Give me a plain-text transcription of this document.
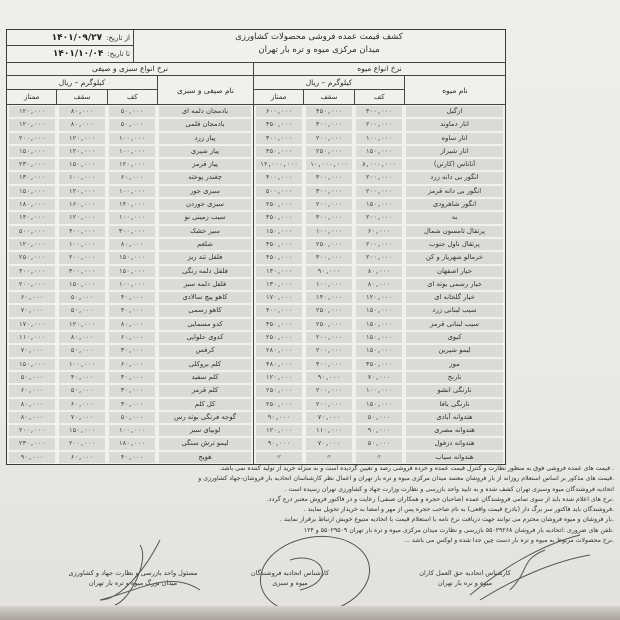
از تاریخ:
۱۴۰۱/۰۹/۲۷
تا تاریخ:
۱۴۰۱/۱۰/۰۴
کشف قیمت عمده فروشی محصولات کشاورزی
میدان مرکزی میوه و تره بار تهران
نرخ انواع سبزی و صیفی
کیلوگرم – ریال
ممتاز	سقف	کف
نام صیفی و سبزی
۱۲۰,۰۰۰	۸۰,۰۰۰	۵۰,۰۰۰	بادمجان دلمه ای
۱۲۰,۰۰۰	۸۰,۰۰۰	۵۰,۰۰۰	بادمجان قلمی
۲۰۰,۰۰۰	۱۲۰,۰۰۰	۱۰۰,۰۰۰	پیاز زرد
۱۵۰,۰۰۰	۱۲۰,۰۰۰	۱۰۰,۰۰۰	پیاز شیری
۲۳۰,۰۰۰	۱۵۰,۰۰۰	۱۲۰,۰۰۰	پیاز قرمز
۱۳۰,۰۰۰	۱۰۰,۰۰۰	۶۰,۰۰۰	چغندر پوخته
۱۵۰,۰۰۰	۱۲۰,۰۰۰	۱۰۰,۰۰۰	سبزی جور
۱۸۰,۰۰۰	۱۶۰,۰۰۰	۱۴۰,۰۰۰	سبزی خوردن
۱۴۰,۰۰۰	۱۲۰,۰۰۰	۱۰۰,۰۰۰	سیب زمینی نو
۵۰۰,۰۰۰	۴۰۰,۰۰۰	۳۰۰,۰۰۰	سیر خشک
۱۲۰,۰۰۰	۱۰۰,۰۰۰	۸۰,۰۰۰	شلغم
۲۵۰,۰۰۰	۲۰۰,۰۰۰	۱۵۰,۰۰۰	فلفل تند ریز
۴۰۰,۰۰۰	۳۰۰,۰۰۰	۱۵۰,۰۰۰	فلفل دلمه رنگی
۲۰۰,۰۰۰	۱۵۰,۰۰۰	۱۰۰,۰۰۰	فلفل دلمه سبز
۶۰,۰۰۰	۵۰,۰۰۰	۴۰,۰۰۰	کاهو پیچ سالادی
۷۰,۰۰۰	۵۰,۰۰۰	۴۰,۰۰۰	کاهو رسمی
۱۷۰,۰۰۰	۱۲۰,۰۰۰	۸۰,۰۰۰	کدو مسمایی
۱۱۰,۰۰۰	۸۰,۰۰۰	۶۰,۰۰۰	کدوی حلوایی
۷۰,۰۰۰	۵۰,۰۰۰	۳۰,۰۰۰	کرفس
۱۵۰,۰۰۰	۱۰۰,۰۰۰	۶۰,۰۰۰	کلم بروکلی
۵۰,۰۰۰	۴۰,۰۰۰	۳۰,۰۰۰	کلم سفید
۶۰,۰۰۰	۵۰,۰۰۰	۳۰,۰۰۰	کلم قرمز
۸۰,۰۰۰	۶۰,۰۰۰	۴۰,۰۰۰	کل کلم
۸۰,۰۰۰	۷۰,۰۰۰	۵۰,۰۰۰	گوجه فرنگی بوته رس
۲۰۰,۰۰۰	۱۵۰,۰۰۰	۱۰۰,۰۰۰	لوبیای سبز
۲۳۰,۰۰۰	۲۰۰,۰۰۰	۱۸۰,۰۰۰	لیمو ترش سنگی
۹۰,۰۰۰	۶۰,۰۰۰	۴۰,۰۰۰	هویج
نرخ انواع میوه
کیلوگرم – ریال
ممتاز	سقف	کف
نام میوه
۶۰۰,۰۰۰	۴۵۰,۰۰۰	۳۰۰,۰۰۰	ازگیل
۳۵۰,۰۰۰	۳۰۰,۰۰۰	۲۰۰,۰۰۰	انار دماوند
۳۰۰,۰۰۰	۲۰۰,۰۰۰	۱۰۰,۰۰۰	انار ساوه
۳۵۰,۰۰۰	۲۵۰,۰۰۰	۱۵۰,۰۰۰	انار شیراز
۱۲,۰۰۰,۰۰۰	۱۰,۰۰۰,۰۰۰	۸,۰۰۰,۰۰۰	آناناس (کارتن)
۴۰۰,۰۰۰	۳۰۰,۰۰۰	۲۰۰,۰۰۰	انگور بی دانه زرد
۵۰۰,۰۰۰	۳۰۰,۰۰۰	۲۰۰,۰۰۰	انگور بی دانه قرمز
۲۵۰,۰۰۰	۲۰۰,۰۰۰	۱۵۰,۰۰۰	انگور شاهرودی
۳۵۰,۰۰۰	۳۰۰,۰۰۰	۲۰۰,۰۰۰	به
۱۵۰,۰۰۰	۱۰۰,۰۰۰	۶۰,۰۰۰	پرتقال تامسون شمال
۳۵۰,۰۰۰	۲۵۰,۰۰۰	۲۰۰,۰۰۰	پرتقال ناول جنوب
۴۵۰,۰۰۰	۳۰۰,۰۰۰	۲۰۰,۰۰۰	خرمالو شهریار و کن
۱۴۰,۰۰۰	۹۰,۰۰۰	۸۰,۰۰۰	خیار اصفهان
۱۳۰,۰۰۰	۱۰۰,۰۰۰	۸۰,۰۰۰	خیار رسمی بوته ای
۱۷۰,۰۰۰	۱۴۰,۰۰۰	۱۲۰,۰۰۰	خیار گلخانه ای
۴۰۰,۰۰۰	۲۵۰,۰۰۰	۱۵۰,۰۰۰	سیب لبنانی زرد
۳۵۰,۰۰۰	۲۵۰,۰۰۰	۱۵۰,۰۰۰	سیب لبنانی قرمز
۲۵۰,۰۰۰	۲۰۰,۰۰۰	۱۵۰,۰۰۰	کیوی
۲۸۰,۰۰۰	۲۰۰,۰۰۰	۱۵۰,۰۰۰	لیمو شیرین
۴۸۰,۰۰۰	۴۰۰,۰۰۰	۳۵۰,۰۰۰	موز
۱۲۰,۰۰۰	۹۰,۰۰۰	۷۰,۰۰۰	نارنج
۲۵۰,۰۰۰	۲۰۰,۰۰۰	۱۰۰,۰۰۰	نارنگی انشو
۲۵۰,۰۰۰	۲۰۰,۰۰۰	۱۵۰,۰۰۰	نارنگی یافا
۹۰,۰۰۰	۷۰,۰۰۰	۵۰,۰۰۰	هندوانه آبادی
۱۲۰,۰۰۰	۱۱۰,۰۰۰	۹۰,۰۰۰	هندوانه مصری
۹۰,۰۰۰	۷۰,۰۰۰	۵۰,۰۰۰	هندوانه دزفول
〃	〃	〃	هندوانه سیاب
. قیمت های عمده فروشی فوق به منظور نظارت و کنترل قیمت عمده و خرده فروشی رصد و تعیین گردیده است و به منزله خرید از تولید کننده نمی باشد.
.قیمت های مذکور بر اساس استعلام روزانه از بار فروشان معتمد میدان مرکزی میوه و تره بار تهران و اعمال نظر کارشناسان اتحادیه بار فروشان-جهاد کشاورزی و
اتحادیه فروشندگان میوه وسبزی تهران کشف شده و به تایید واحد بازرسی و نظارت وزارت جهاد و کشاورزی تهران رسیده است .
.نرخ های اعلام شده باید از سوی تمامی فروشندگان عمده (صاحبان حجره و همکاران صنفی) رعایت و در فاکتور فروش معتبر درج گردد.
.فروشندگان باید فاکتور سر برگ دار (بادرج قیمت واقعی) به نام صاحب حجره پس از مهر و امضا به خریدار تحویل نمایند .
.بار فروشان و میوه فروشان محترم می توانند جهت دریافت نرخ نامه با استعلام قیمت با اتحادیه متبوع خویش ارتباط برقرار نمایند .
.تلفن های ضروری :اتحادیه بار فروشان ۵۵۰۲۹۲۶۸ بازرسی و نظارت میدان مرکزی میوه و تره بار تهران ۵۵۰۲۹۵۰۹ و ۱۲۴
.نرخ محصولات مربوط به میوه و تره بار دست چین جدا شده و لوکس می باشد ...
کارشناس اتحادیه حق العمل کاران
میوه و تره بار تهران
کارشناس اتحادیه فروشندگان
میوه و سبزی
مسئول واحد بازرسی و نظارت جهاد و کشاورزی
میدان بزرگ میوه و تره بار تهران
